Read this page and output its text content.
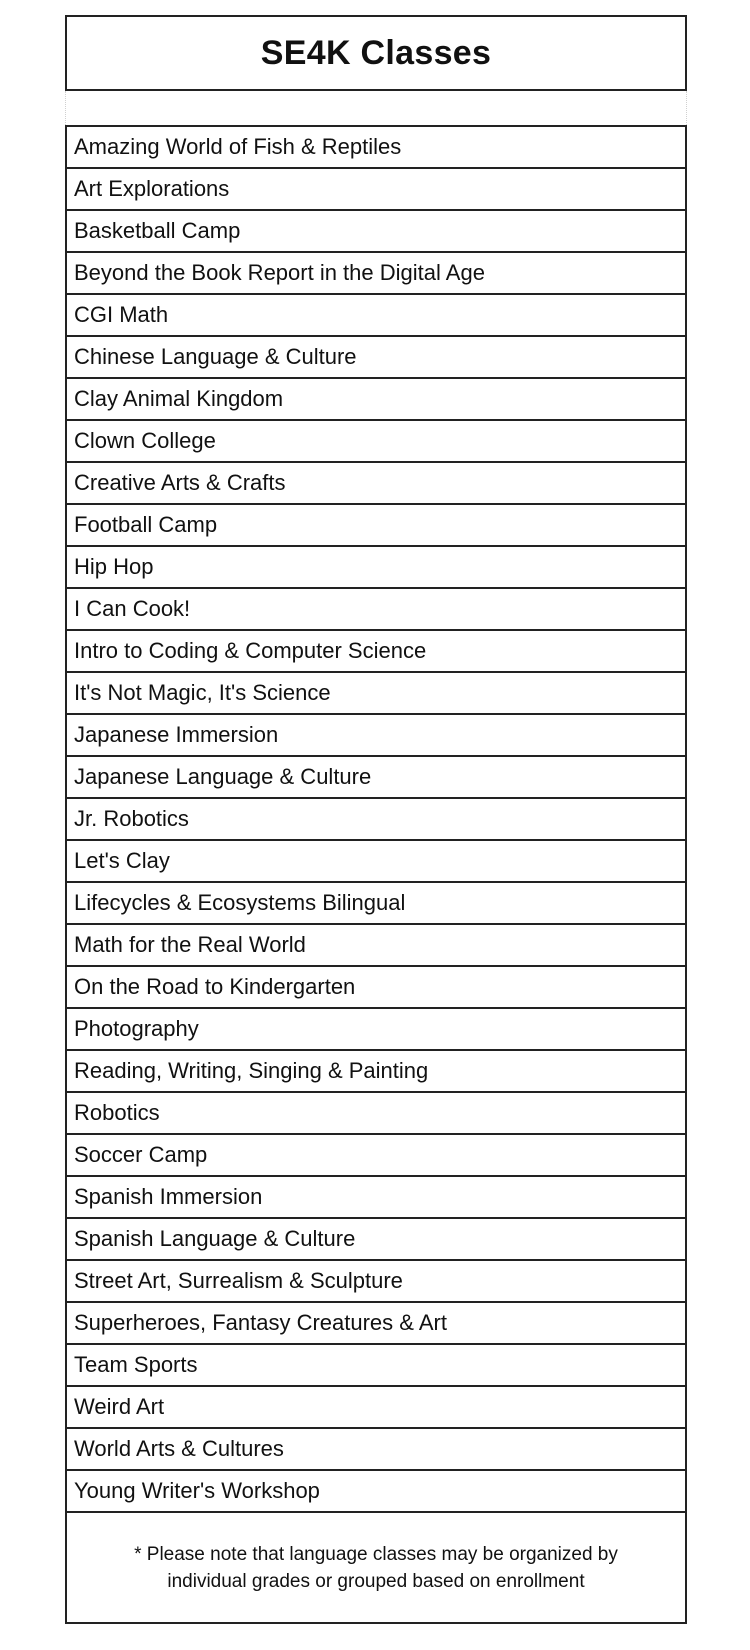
SE4K Classes
Amazing World of Fish & Reptiles
Art Explorations
Basketball Camp
Beyond the Book Report in the Digital Age
CGI Math
Chinese Language & Culture
Clay Animal Kingdom
Clown College
Creative Arts & Crafts
Football Camp
Hip Hop
I Can Cook!
Intro to Coding & Computer Science
It's Not Magic, It's Science
Japanese Immersion
Japanese Language & Culture
Jr. Robotics
Let's Clay
Lifecycles & Ecosystems Bilingual
Math for the Real World
On the Road to Kindergarten
Photography
Reading, Writing, Singing & Painting
Robotics
Soccer Camp
Spanish Immersion
Spanish Language & Culture
Street Art, Surrealism & Sculpture
Superheroes, Fantasy Creatures & Art
Team Sports
Weird Art
World Arts & Cultures
Young Writer's Workshop
* Please note that language classes may be organized by
individual grades or grouped based on enrollment
